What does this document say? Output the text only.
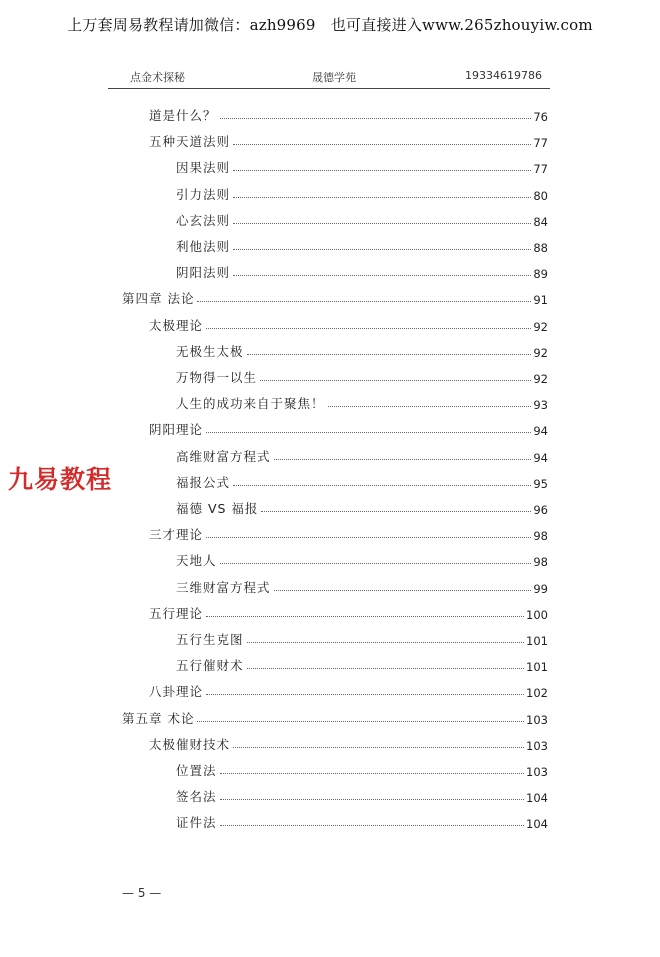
上万套周易教程请加微信：azh9969　也可直接进入www.265zhouyiw.com
点金术探秘	晟德学苑	19334619786
九易教程
道是什么？	76
五种天道法则	77
因果法则	77
引力法则	80
心玄法则	84
利他法则	88
阴阳法则	89
第四章 法论	91
太极理论	92
无极生太极	92
万物得一以生	92
人生的成功来自于聚焦！	93
阴阳理论	94
高维财富方程式	94
福报公式	95
福德 VS 福报	96
三才理论	98
天地人	98
三维财富方程式	99
五行理论	100
五行生克图	101
五行催财术	101
八卦理论	102
第五章 术论	103
太极催财技术	103
位置法	103
签名法	104
证件法	104
— 5 —
